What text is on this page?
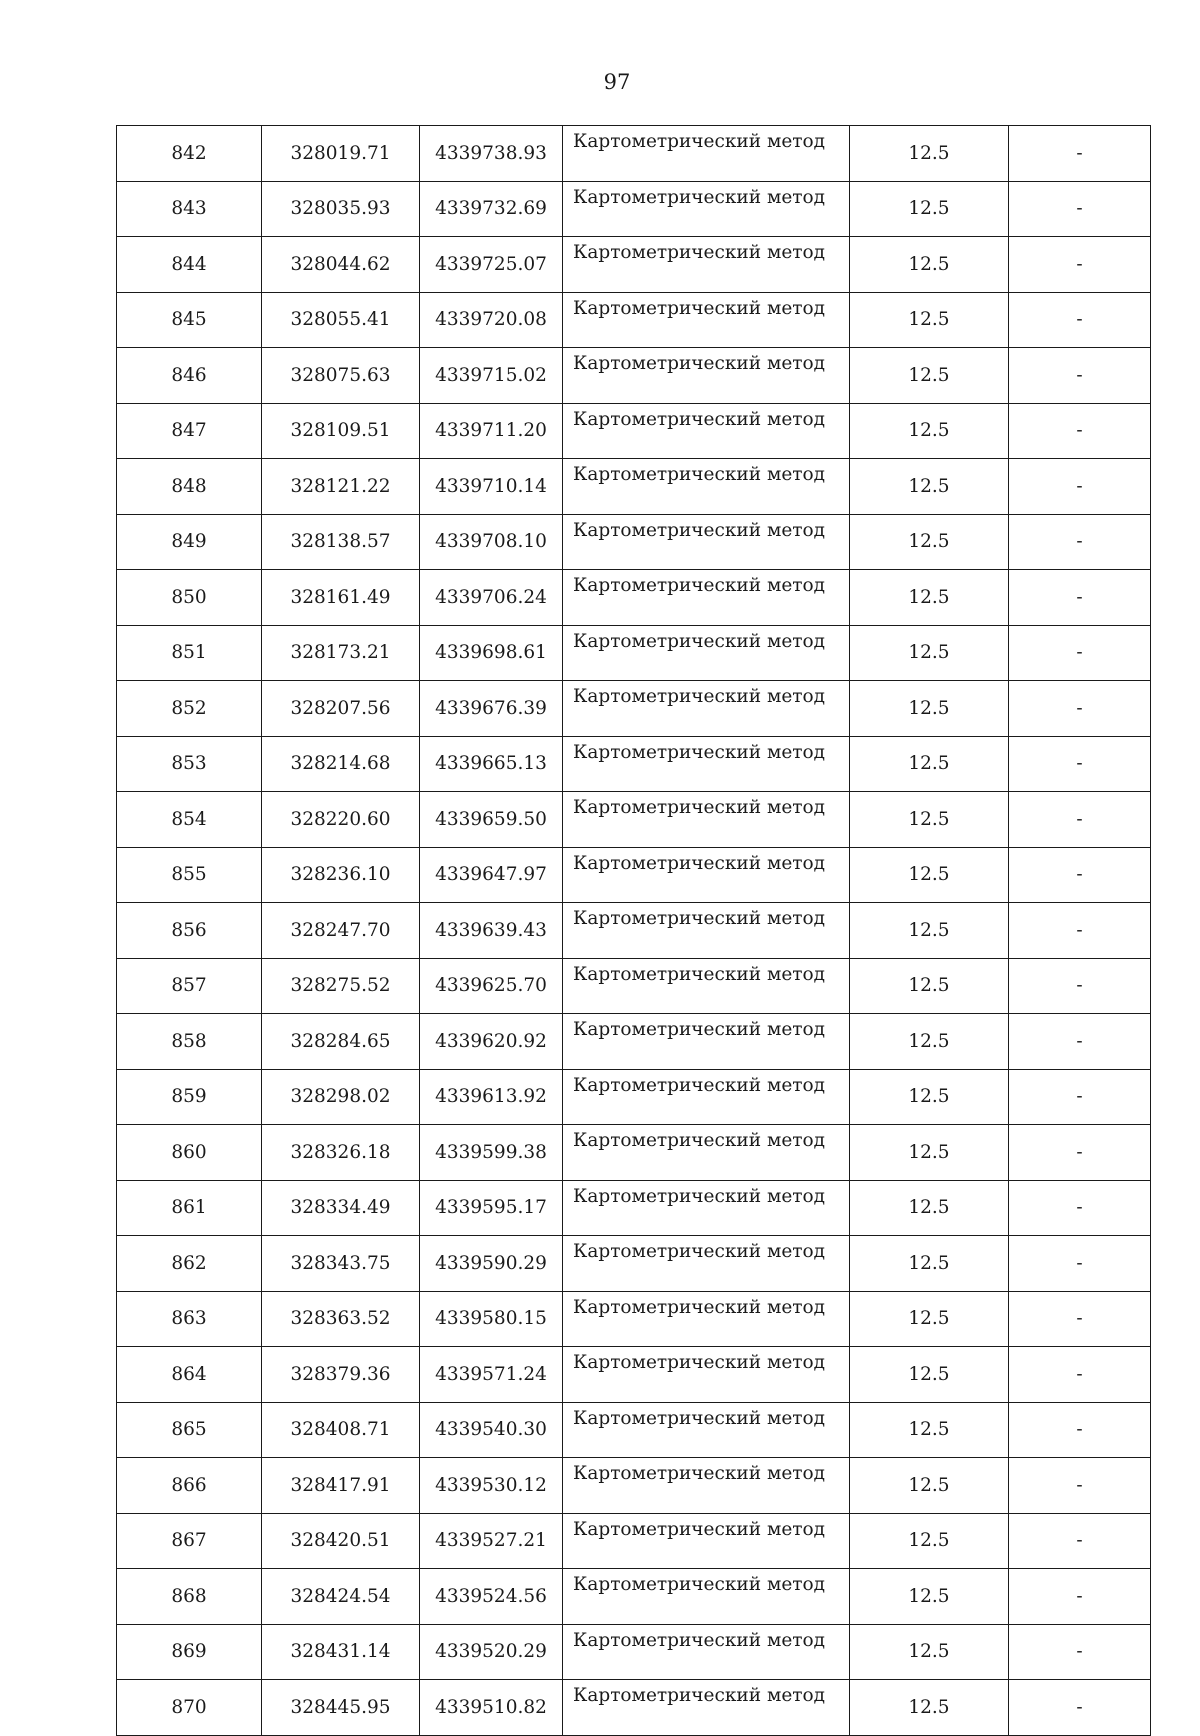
97
842	328019.71	4339738.93	Картометрический метод	12.5	-
843	328035.93	4339732.69	Картометрический метод	12.5	-
844	328044.62	4339725.07	Картометрический метод	12.5	-
845	328055.41	4339720.08	Картометрический метод	12.5	-
846	328075.63	4339715.02	Картометрический метод	12.5	-
847	328109.51	4339711.20	Картометрический метод	12.5	-
848	328121.22	4339710.14	Картометрический метод	12.5	-
849	328138.57	4339708.10	Картометрический метод	12.5	-
850	328161.49	4339706.24	Картометрический метод	12.5	-
851	328173.21	4339698.61	Картометрический метод	12.5	-
852	328207.56	4339676.39	Картометрический метод	12.5	-
853	328214.68	4339665.13	Картометрический метод	12.5	-
854	328220.60	4339659.50	Картометрический метод	12.5	-
855	328236.10	4339647.97	Картометрический метод	12.5	-
856	328247.70	4339639.43	Картометрический метод	12.5	-
857	328275.52	4339625.70	Картометрический метод	12.5	-
858	328284.65	4339620.92	Картометрический метод	12.5	-
859	328298.02	4339613.92	Картометрический метод	12.5	-
860	328326.18	4339599.38	Картометрический метод	12.5	-
861	328334.49	4339595.17	Картометрический метод	12.5	-
862	328343.75	4339590.29	Картометрический метод	12.5	-
863	328363.52	4339580.15	Картометрический метод	12.5	-
864	328379.36	4339571.24	Картометрический метод	12.5	-
865	328408.71	4339540.30	Картометрический метод	12.5	-
866	328417.91	4339530.12	Картометрический метод	12.5	-
867	328420.51	4339527.21	Картометрический метод	12.5	-
868	328424.54	4339524.56	Картометрический метод	12.5	-
869	328431.14	4339520.29	Картометрический метод	12.5	-
870	328445.95	4339510.82	Картометрический метод	12.5	-
